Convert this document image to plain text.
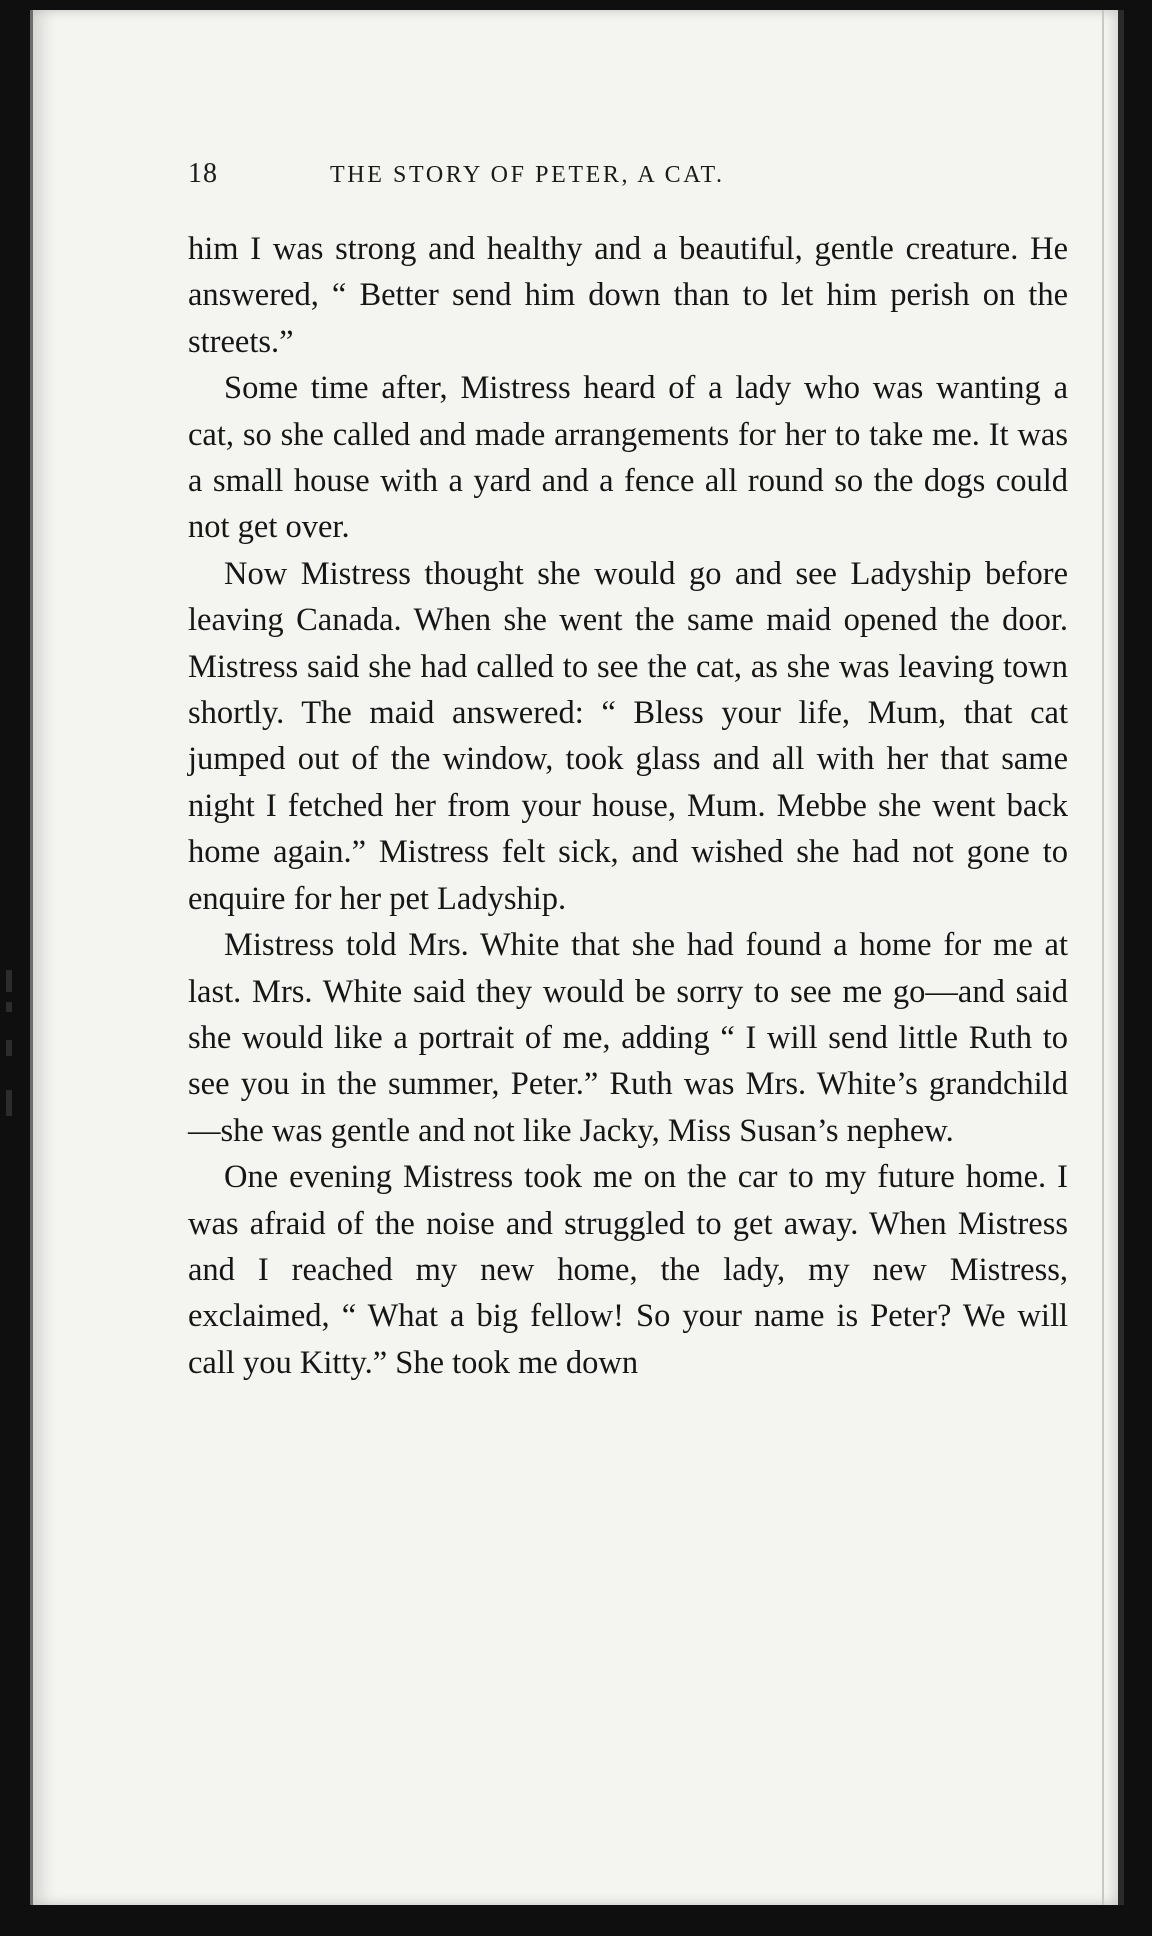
18	THE STORY OF PETER, A CAT.

him I was strong and healthy and a beautiful, gentle creature. He answered, “ Better send him down than to let him perish on the streets.”

Some time after, Mistress heard of a lady who was wanting a cat, so she called and made arrangements for her to take me. It was a small house with a yard and a fence all round so the dogs could not get over.

Now Mistress thought she would go and see Ladyship before leaving Canada. When she went the same maid opened the door. Mistress said she had called to see the cat, as she was leaving town shortly. The maid answered: “ Bless your life, Mum, that cat jumped out of the window, took glass and all with her that same night I fetched her from your house, Mum. Mebbe she went back home again.” Mistress felt sick, and wished she had not gone to enquire for her pet Ladyship.

Mistress told Mrs. White that she had found a home for me at last. Mrs. White said they would be sorry to see me go—and said she would like a portrait of me, adding “ I will send little Ruth to see you in the summer, Peter.” Ruth was Mrs. White’s grandchild—she was gentle and not like Jacky, Miss Susan’s nephew.

One evening Mistress took me on the car to my future home. I was afraid of the noise and struggled to get away. When Mistress and I reached my new home, the lady, my new Mistress, exclaimed, “ What a big fellow! So your name is Peter? We will call you Kitty.” She took me down
